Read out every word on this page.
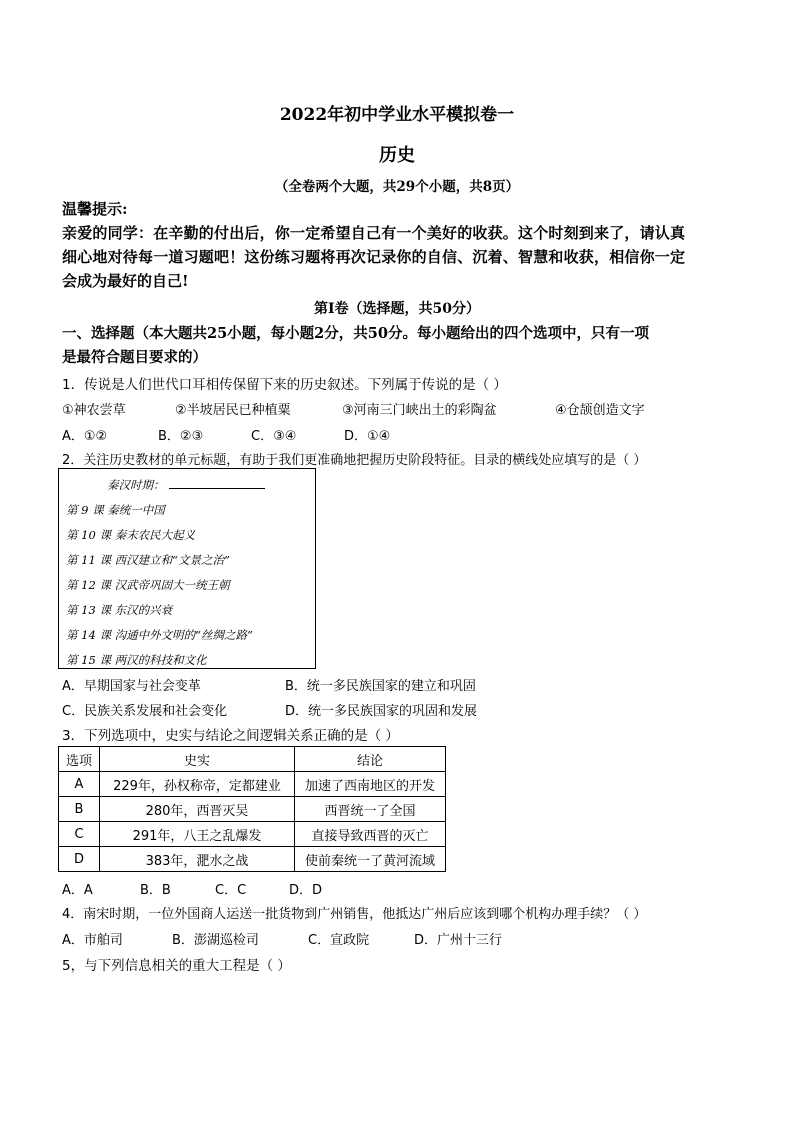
2022年初中学业水平模拟卷一
历史
（全卷两个大题，共29个小题，共8页）
温馨提示:
亲爱的同学：在辛勤的付出后，你一定希望自己有一个美好的收获。这个时刻到来了，请认真
细心地对待每一道习题吧！这份练习题将再次记录你的自信、沉着、智慧和收获，相信你一定
会成为最好的自己!
第Ⅰ卷（选择题，共50分）
一、选择题（本大题共25小题，每小题2分，共50分。每小题给出的四个选项中，只有一项
是最符合题目要求的）
1．传说是人们世代口耳相传保留下来的历史叙述。下列属于传说的是（ ）
①神农尝草	②半坡居民已种植粟	③河南三门峡出土的彩陶盆	④仓颉创造文字
A．①②	B．②③	C．③④	D．①④
2．关注历史教材的单元标题，有助于我们更准确地把握历史阶段特征。目录的横线处应填写的是（ ）
秦汉时期：
第 9 课 秦统一中国
第 10 课 秦末农民大起义
第 11 课 西汉建立和“文景之治”
第 12 课 汉武帝巩固大一统王朝
第 13 课 东汉的兴衰
第 14 课 沟通中外文明的“丝绸之路”
第 15 课 两汉的科技和文化
A．早期国家与社会变革	B．统一多民族国家的建立和巩固
C．民族关系发展和社会变化	D．统一多民族国家的巩固和发展
3．下列选项中，史实与结论之间逻辑关系正确的是（ ）
选项	史实	结论
A	229年，孙权称帝，定都建业	加速了西南地区的开发
B	280年，西晋灭吴	西晋统一了全国
C	291年，八王之乱爆发	直接导致西晋的灭亡
D	383年，淝水之战	使前秦统一了黄河流域
A．A	B．B	C．C	D．D
4．南宋时期，一位外国商人运送一批货物到广州销售，他抵达广州后应该到哪个机构办理手续？（ ）
A．市舶司	B．澎湖巡检司	C．宣政院	D．广州十三行
5，与下列信息相关的重大工程是（ ）
